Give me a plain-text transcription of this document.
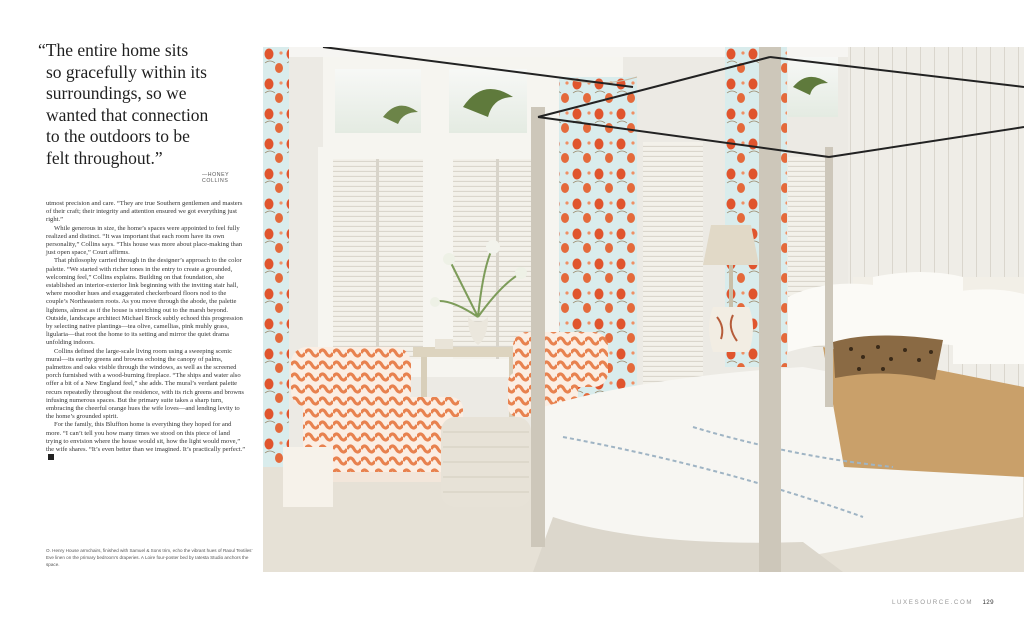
“The entire home sits
so gracefully within its
surroundings, so we
wanted that connection
to the outdoors to be
felt throughout.”
—HONEY COLLINS

utmost precision and care. “They are true Southern gentlemen and masters of their craft; their integrity and attention ensured we got everything just right.”

While generous in size, the home’s spaces were appointed to feel fully realized and distinct. “It was important that each room have its own personality,” Collins says. “This house was more about place-making than just open space,” Court affirms.

That philosophy carried through in the designer’s approach to the color palette. “We started with richer tones in the entry to create a grounded, welcoming feel,” Collins explains. Building on that foundation, she established an interior-exterior link beginning with the inviting stair hall, where moodier hues and exaggerated checkerboard floors nod to the couple’s Northeastern roots. As you move through the abode, the palette lightens, almost as if the house is stretching out to the marsh beyond. Outside, landscape architect Michael Brock subtly echoed this progression by selecting native plantings—tea olive, camellias, pink muhly grass, ligularia—that root the home to its setting and mirror the quiet drama unfolding indoors.

Collins defined the large-scale living room using a sweeping scenic mural—its earthy greens and browns echoing the canopy of palms, palmettos and oaks visible through the windows, as well as the screened porch furnished with a wood-burning fireplace. “The ships and water also offer a bit of a New England feel,” she adds. The mural’s verdant palette recurs repeatedly throughout the residence, with its rich greens and browns infusing numerous spaces. But the primary suite takes a sharp turn, embracing the cheerful orange hues the wife loves—and lending levity to the home’s grounded spirit.

For the family, this Bluffton home is everything they hoped for and more. “I can’t tell you how many times we stood on this piece of land trying to envision where the house would sit, how the light would move,” the wife shares. “It’s even better than we imagined. It’s practically perfect.”

O. Henry House armchairs, finished with Samuel & Sons trim, echo the vibrant hues of Raoul Textiles’ Eve linen on the primary bedroom’s draperies. A Loire four-poster bed by Iatesta Studio anchors the space.
LUXESOURCE.COM 129
